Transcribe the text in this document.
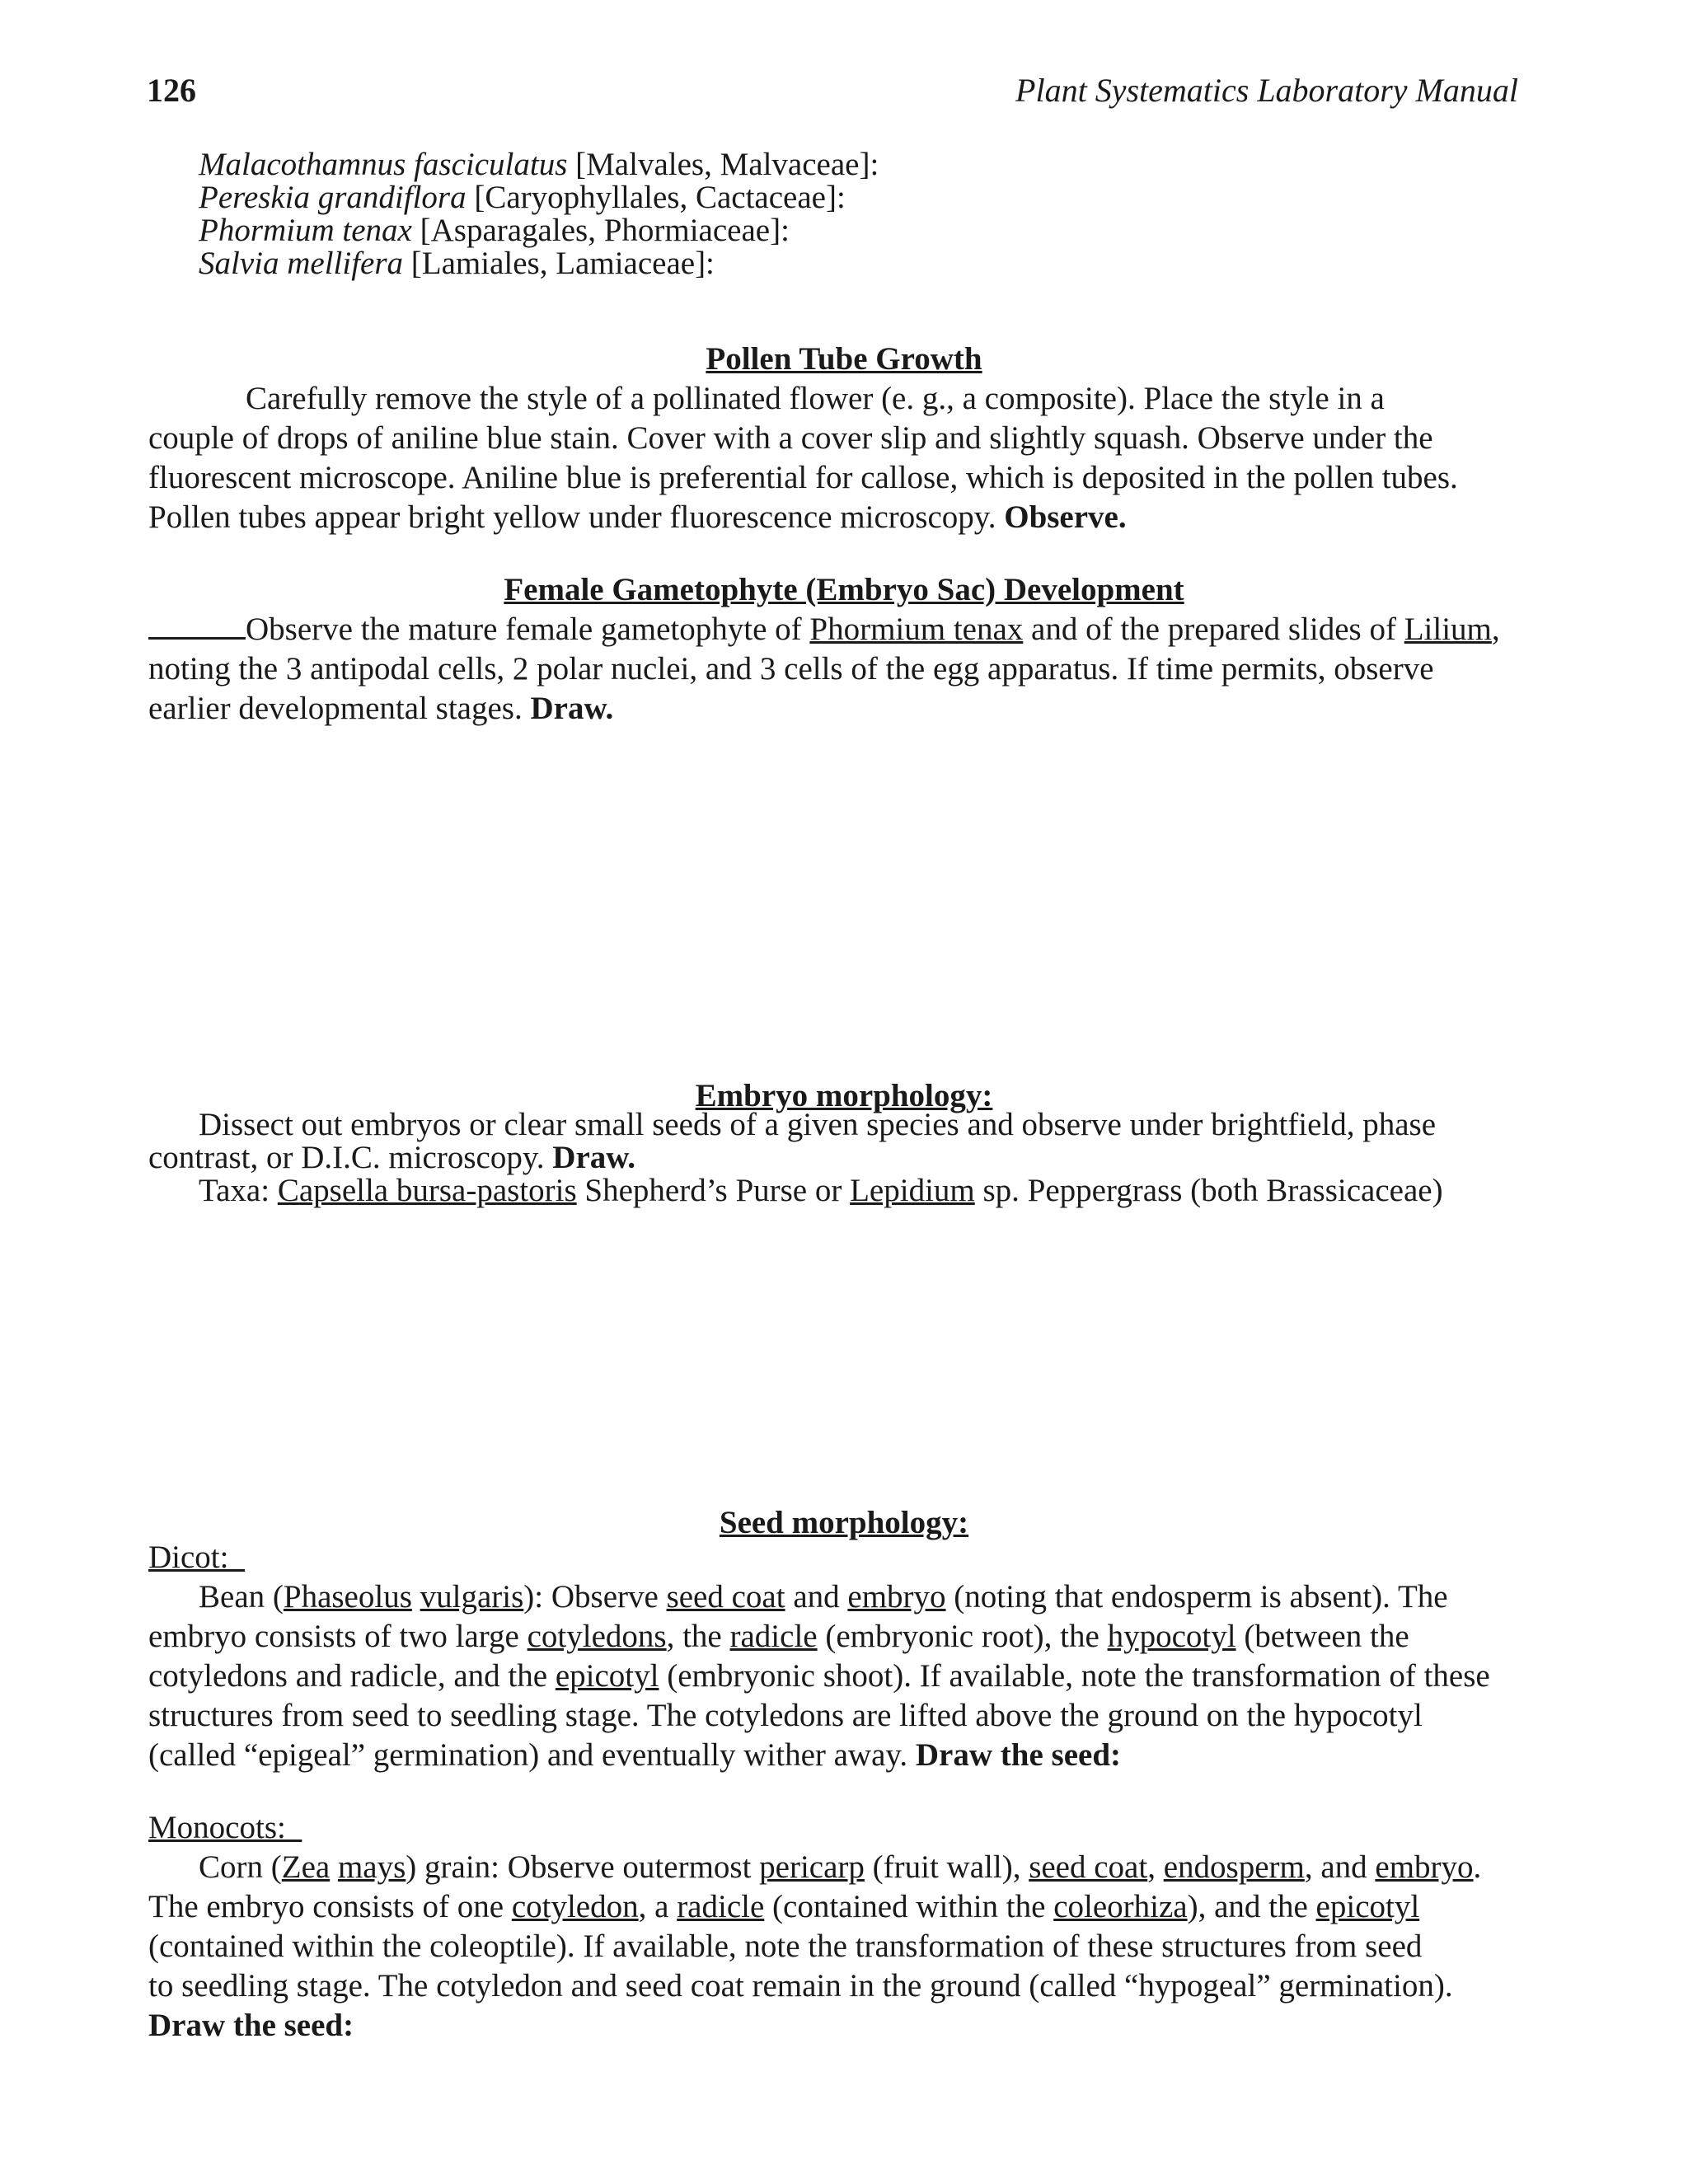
126	Plant Systematics Laboratory Manual
Malacothamnus fasciculatus [Malvales, Malvaceae]:
Pereskia grandiflora [Caryophyllales, Cactaceae]:
Phormium tenax [Asparagales, Phormiaceae]:
Salvia mellifera [Lamiales, Lamiaceae]:
Pollen Tube Growth
Carefully remove the style of a pollinated flower (e. g., a composite). Place the style in a
couple of drops of aniline blue stain. Cover with a cover slip and slightly squash. Observe under the
fluorescent microscope. Aniline blue is preferential for callose, which is deposited in the pollen tubes.
Pollen tubes appear bright yellow under fluorescence microscopy. Observe.
Female Gametophyte (Embryo Sac) Development
Observe the mature female gametophyte of Phormium tenax and of the prepared slides of Lilium,
noting the 3 antipodal cells, 2 polar nuclei, and 3 cells of the egg apparatus. If time permits, observe
earlier developmental stages. Draw.
Embryo morphology:
Dissect out embryos or clear small seeds of a given species and observe under brightfield, phase
contrast, or D.I.C. microscopy. Draw.
Taxa: Capsella bursa-pastoris Shepherd’s Purse or Lepidium sp. Peppergrass (both Brassicaceae)
Seed morphology:
Dicot:
Bean (Phaseolus vulgaris): Observe seed coat and embryo (noting that endosperm is absent). The
embryo consists of two large cotyledons, the radicle (embryonic root), the hypocotyl (between the
cotyledons and radicle, and the epicotyl (embryonic shoot). If available, note the transformation of these
structures from seed to seedling stage. The cotyledons are lifted above the ground on the hypocotyl
(called “epigeal” germination) and eventually wither away. Draw the seed:
Monocots:
Corn (Zea mays) grain: Observe outermost pericarp (fruit wall), seed coat, endosperm, and embryo.
The embryo consists of one cotyledon, a radicle (contained within the coleorhiza), and the epicotyl
(contained within the coleoptile). If available, note the transformation of these structures from seed
to seedling stage. The cotyledon and seed coat remain in the ground (called “hypogeal” germination).
Draw the seed:
